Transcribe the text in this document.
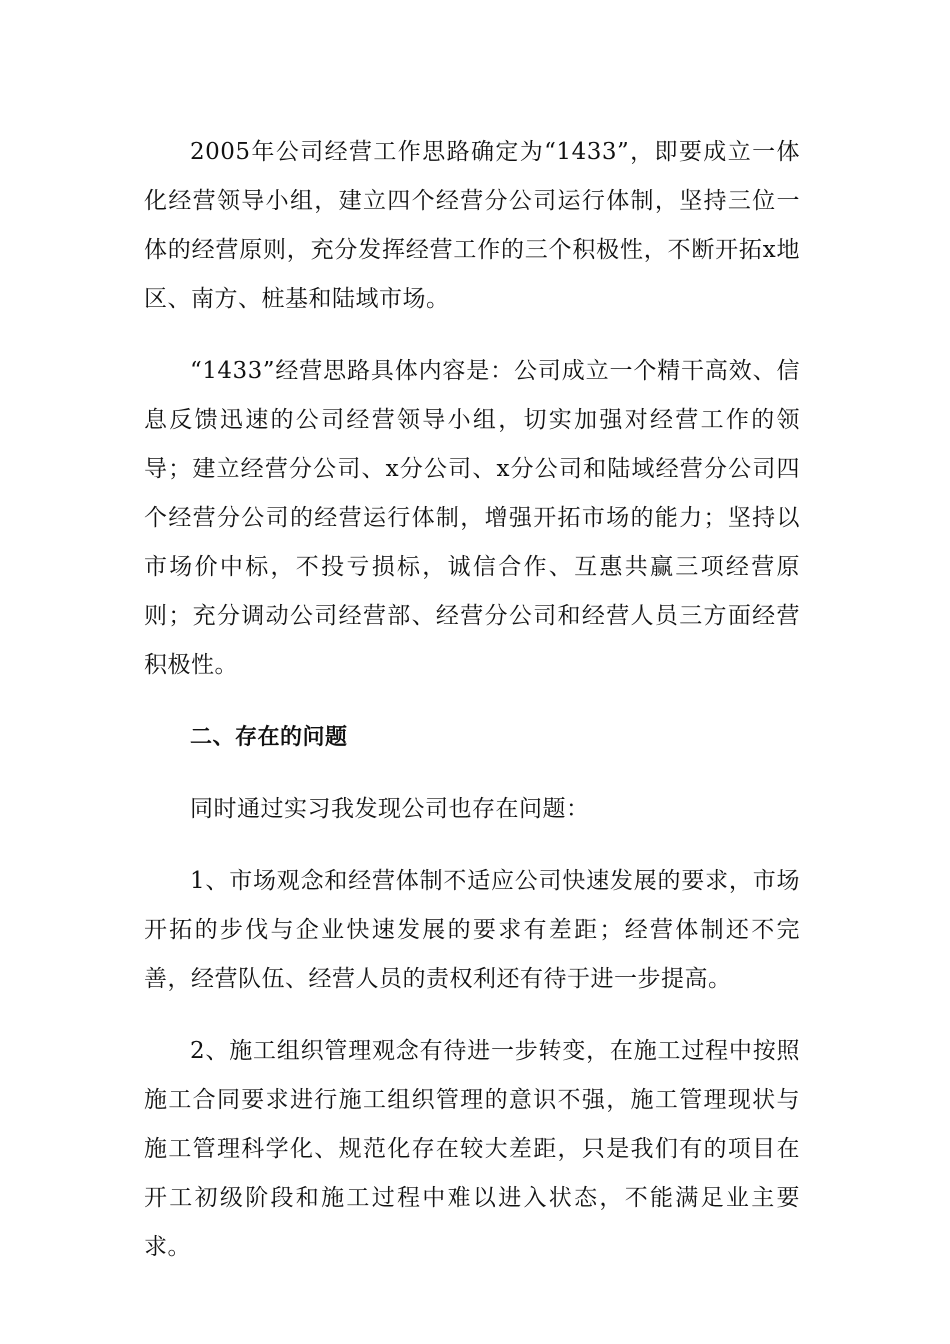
2005年公司经营工作思路确定为“1433”，即要成立一体化经营领导小组，建立四个经营分公司运行体制，坚持三位一体的经营原则，充分发挥经营工作的三个积极性，不断开拓x地区、南方、桩基和陆域市场。

“1433”经营思路具体内容是：公司成立一个精干高效、信息反馈迅速的公司经营领导小组，切实加强对经营工作的领导；建立经营分公司、x分公司、x分公司和陆域经营分公司四个经营分公司的经营运行体制，增强开拓市场的能力；坚持以市场价中标，不投亏损标，诚信合作、互惠共赢三项经营原则；充分调动公司经营部、经营分公司和经营人员三方面经营积极性。

二、存在的问题

同时通过实习我发现公司也存在问题：

1、市场观念和经营体制不适应公司快速发展的要求，市场开拓的步伐与企业快速发展的要求有差距；经营体制还不完善，经营队伍、经营人员的责权利还有待于进一步提高。

2、施工组织管理观念有待进一步转变，在施工过程中按照施工合同要求进行施工组织管理的意识不强，施工管理现状与施工管理科学化、规范化存在较大差距，只是我们有的项目在开工初级阶段和施工过程中难以进入状态，不能满足业主要求。
